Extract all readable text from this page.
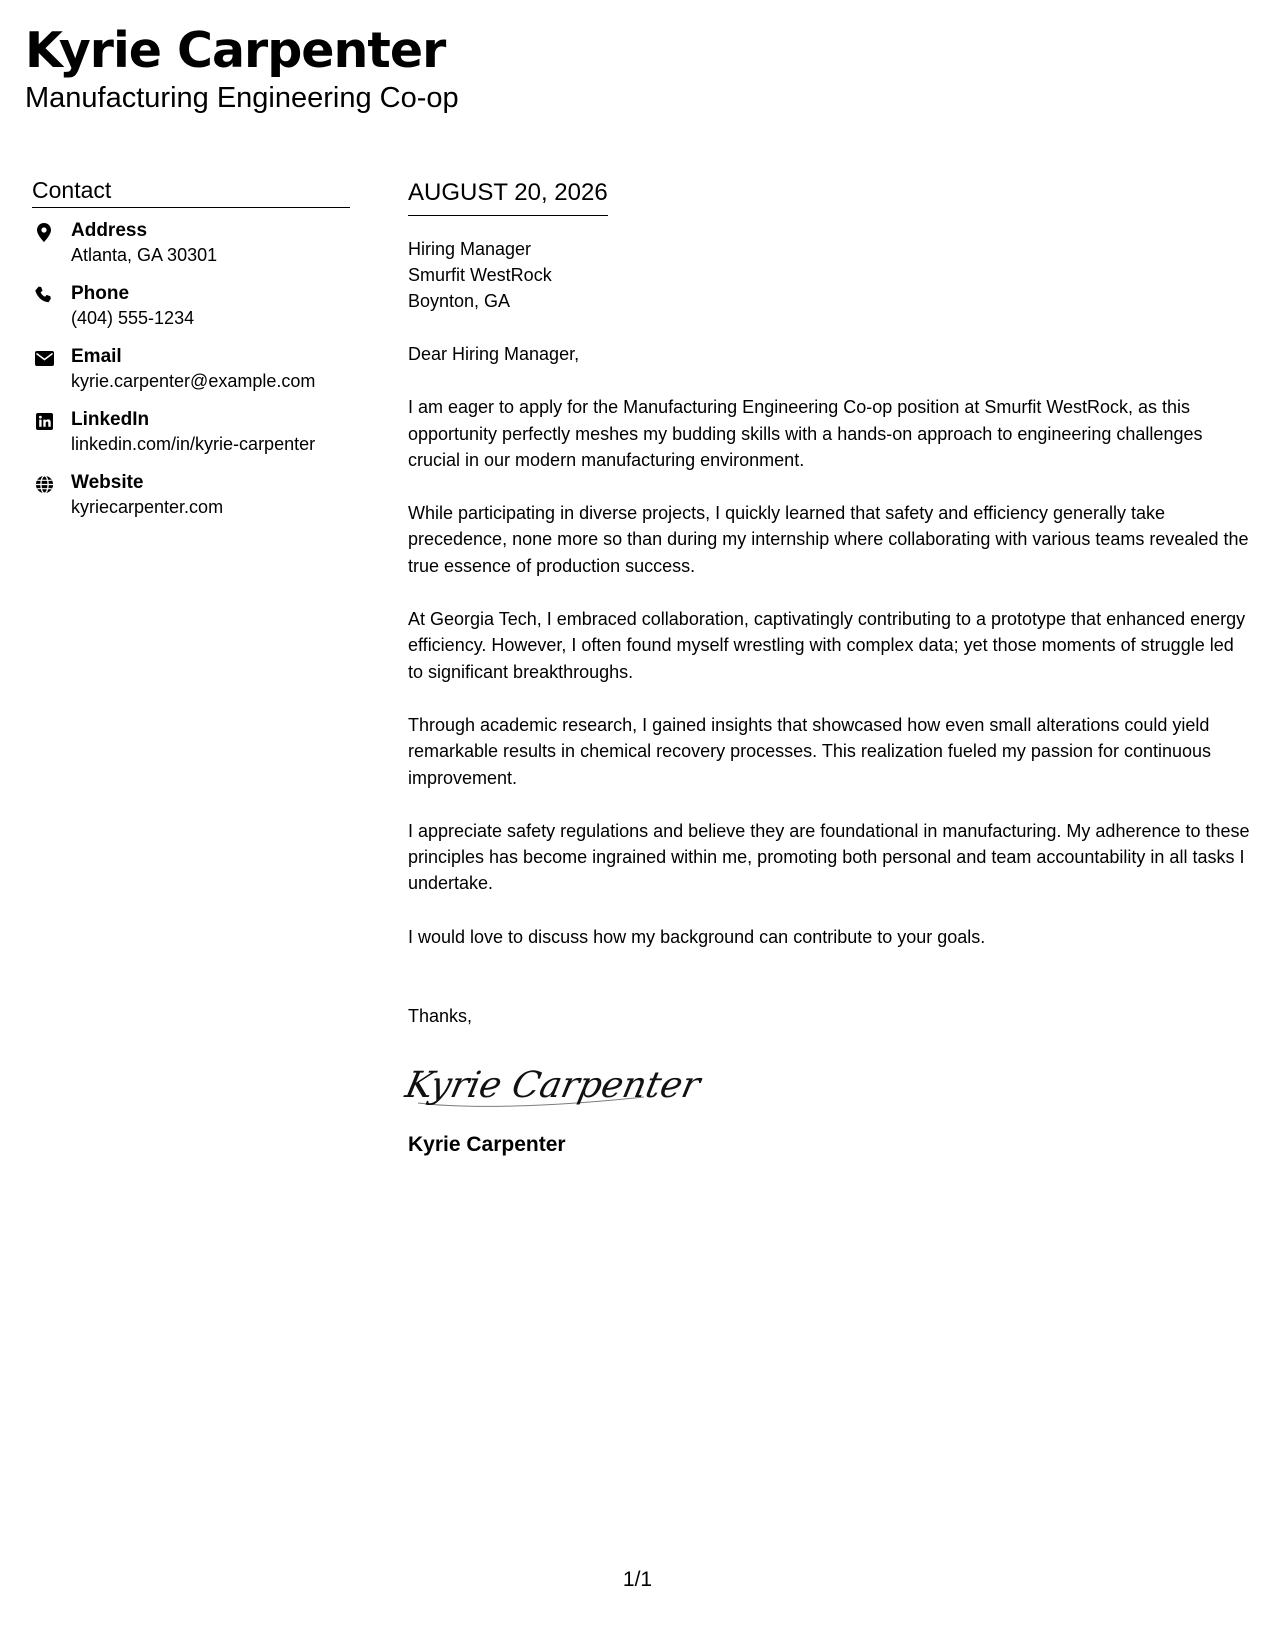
Kyrie Carpenter
Manufacturing Engineering Co-op
Contact
Address
Atlanta, GA 30301
Phone
(404) 555-1234
Email
kyrie.carpenter@example.com
LinkedIn
linkedin.com/in/kyrie-carpenter
Website
kyriecarpenter.com
AUGUST 20, 2026
Hiring Manager
Smurfit WestRock
Boynton, GA
Dear Hiring Manager,

I am eager to apply for the Manufacturing Engineering Co-op position at Smurfit WestRock, as this opportunity perfectly meshes my budding skills with a hands-on approach to engineering challenges crucial in our modern manufacturing environment.

While participating in diverse projects, I quickly learned that safety and efficiency generally take precedence, none more so than during my internship where collaborating with various teams revealed the true essence of production success.

At Georgia Tech, I embraced collaboration, captivatingly contributing to a prototype that enhanced energy efficiency. However, I often found myself wrestling with complex data; yet those moments of struggle led to significant breakthroughs.

Through academic research, I gained insights that showcased how even small alterations could yield remarkable results in chemical recovery processes. This realization fueled my passion for continuous improvement.

I appreciate safety regulations and believe they are foundational in manufacturing. My adherence to these principles has become ingrained within me, promoting both personal and team accountability in all tasks I undertake.

I would love to discuss how my background can contribute to your goals.

Thanks,
Kyrie Carpenter
Kyrie Carpenter
1/1
